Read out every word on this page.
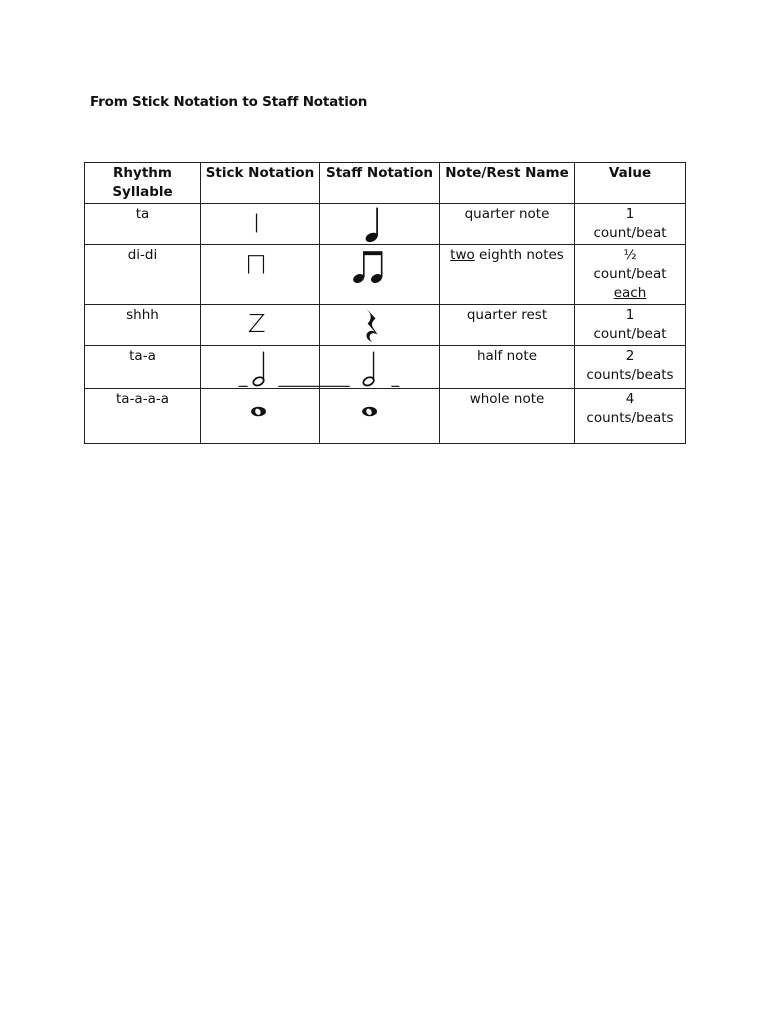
From Stick Notation to Staff Notation
Rhythm
Syllable	Stick Notation	Staff Notation	Note/Rest Name	Value
ta			quarter note	1
count/beat

di-di			two eighth notes	½
count/beat
each

shhh			quarter rest	1
count/beat

ta-a			half note	2
counts/beats

ta-a-a-a			whole note	4
counts/beats
